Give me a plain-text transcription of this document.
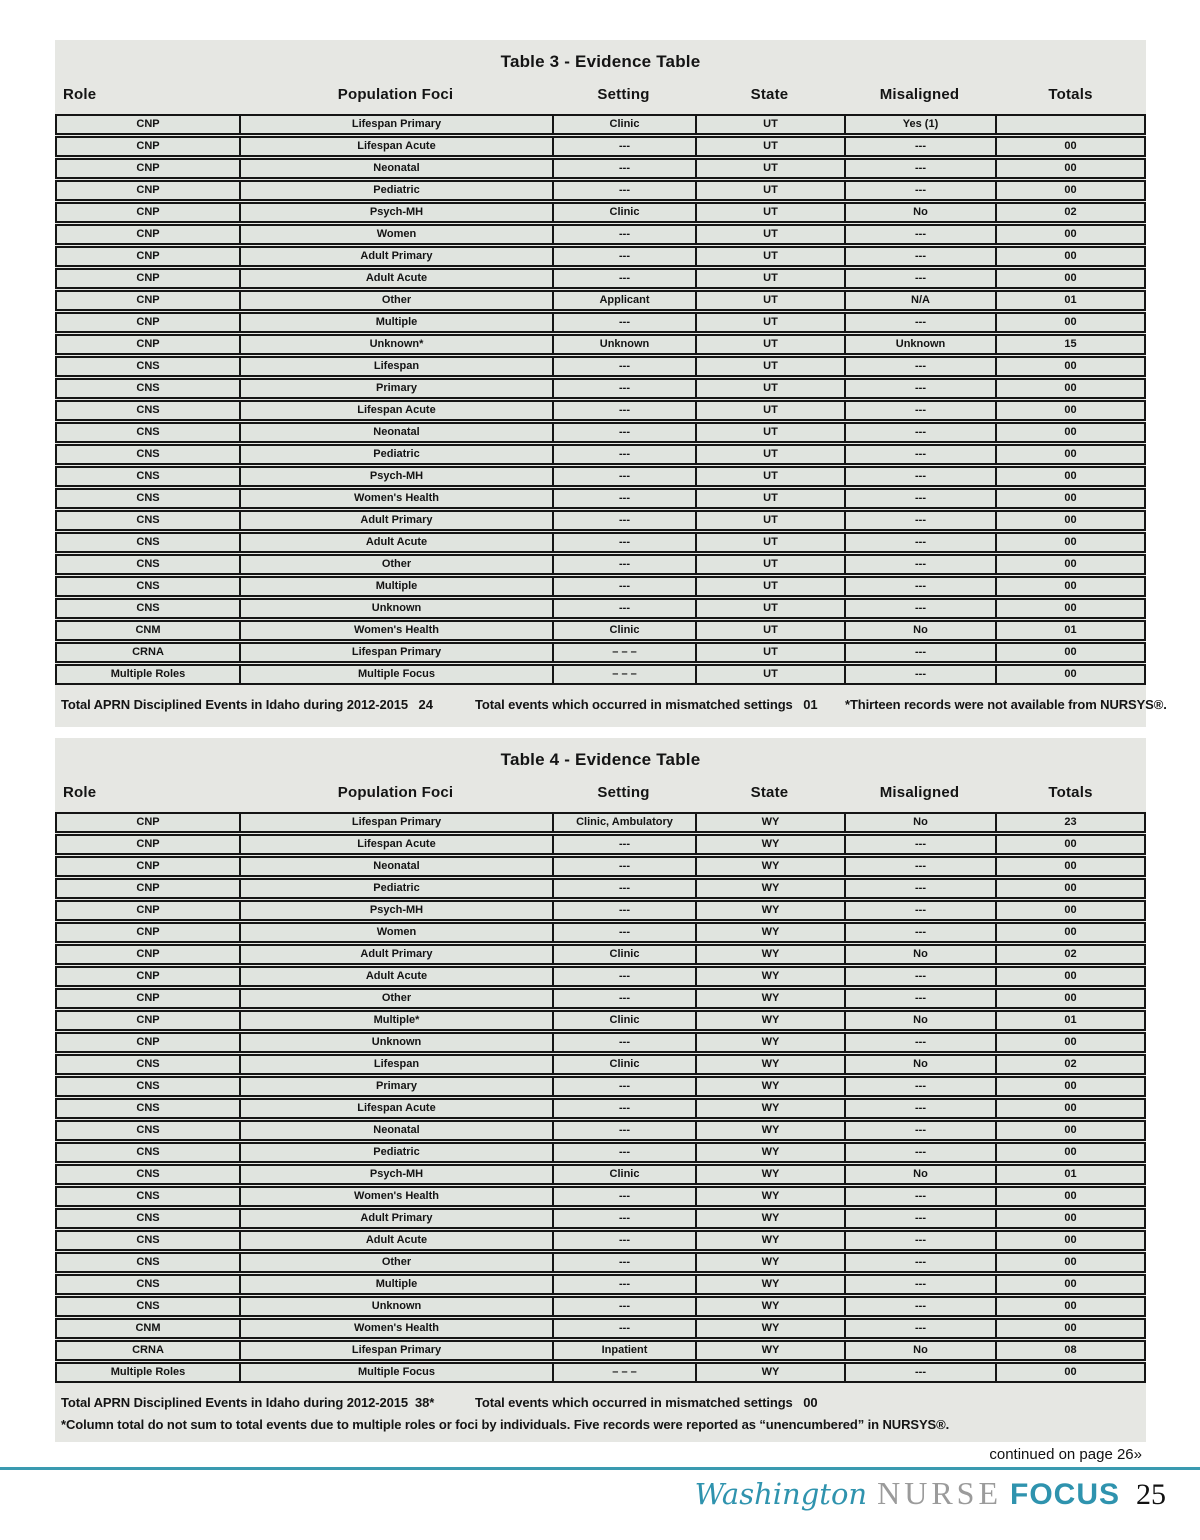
Table 3 - Evidence Table
Role	Population Foci	Setting	State	Misaligned	Totals
CNP	Lifespan Primary	Clinic	UT	Yes (1)
CNP	Lifespan Acute	---	UT	---	00
CNP	Neonatal	---	UT	---	00
CNP	Pediatric	---	UT	---	00
CNP	Psych-MH	Clinic	UT	No	02
CNP	Women	---	UT	---	00
CNP	Adult Primary	---	UT	---	00
CNP	Adult Acute	---	UT	---	00
CNP	Other	Applicant	UT	N/A	01
CNP	Multiple	---	UT	---	00
CNP	Unknown*	Unknown	UT	Unknown	15
CNS	Lifespan	---	UT	---	00
CNS	Primary	---	UT	---	00
CNS	Lifespan Acute	---	UT	---	00
CNS	Neonatal	---	UT	---	00
CNS	Pediatric	---	UT	---	00
CNS	Psych-MH	---	UT	---	00
CNS	Women's Health	---	UT	---	00
CNS	Adult Primary	---	UT	---	00
CNS	Adult Acute	---	UT	---	00
CNS	Other	---	UT	---	00
CNS	Multiple	---	UT	---	00
CNS	Unknown	---	UT	---	00
CNM	Women's Health	Clinic	UT	No	01
CRNA	Lifespan Primary	– – –	UT	---	00
Multiple Roles	Multiple Focus	– – –	UT	---	00
Total APRN Disciplined Events in Idaho during 2012-2015   24	Total events which occurred in mismatched settings   01 *Thirteen records were not available from NURSYS®.
Table 4 - Evidence Table
Role	Population Foci	Setting	State	Misaligned	Totals
CNP	Lifespan Primary	Clinic, Ambulatory	WY	No	23
CNP	Lifespan Acute	---	WY	---	00
CNP	Neonatal	---	WY	---	00
CNP	Pediatric	---	WY	---	00
CNP	Psych-MH	---	WY	---	00
CNP	Women	---	WY	---	00
CNP	Adult Primary	Clinic	WY	No	02
CNP	Adult Acute	---	WY	---	00
CNP	Other	---	WY	---	00
CNP	Multiple*	Clinic	WY	No	01
CNP	Unknown	---	WY	---	00
CNS	Lifespan	Clinic	WY	No	02
CNS	Primary	---	WY	---	00
CNS	Lifespan Acute	---	WY	---	00
CNS	Neonatal	---	WY	---	00
CNS	Pediatric	---	WY	---	00
CNS	Psych-MH	Clinic	WY	No	01
CNS	Women's Health	---	WY	---	00
CNS	Adult Primary	---	WY	---	00
CNS	Adult Acute	---	WY	---	00
CNS	Other	---	WY	---	00
CNS	Multiple	---	WY	---	00
CNS	Unknown	---	WY	---	00
CNM	Women's Health	---	WY	---	00
CRNA	Lifespan Primary	Inpatient	WY	No	08
Multiple Roles	Multiple Focus	– – –	WY	---	00
Total APRN Disciplined Events in Idaho during 2012-2015  38*	Total events which occurred in mismatched settings   00
*Column total do not sum to total events due to multiple roles or foci by individuals. Five records were reported as “unencumbered” in NURSYS®.
continued on page 26»
Washington NURSE FOCUS 25
